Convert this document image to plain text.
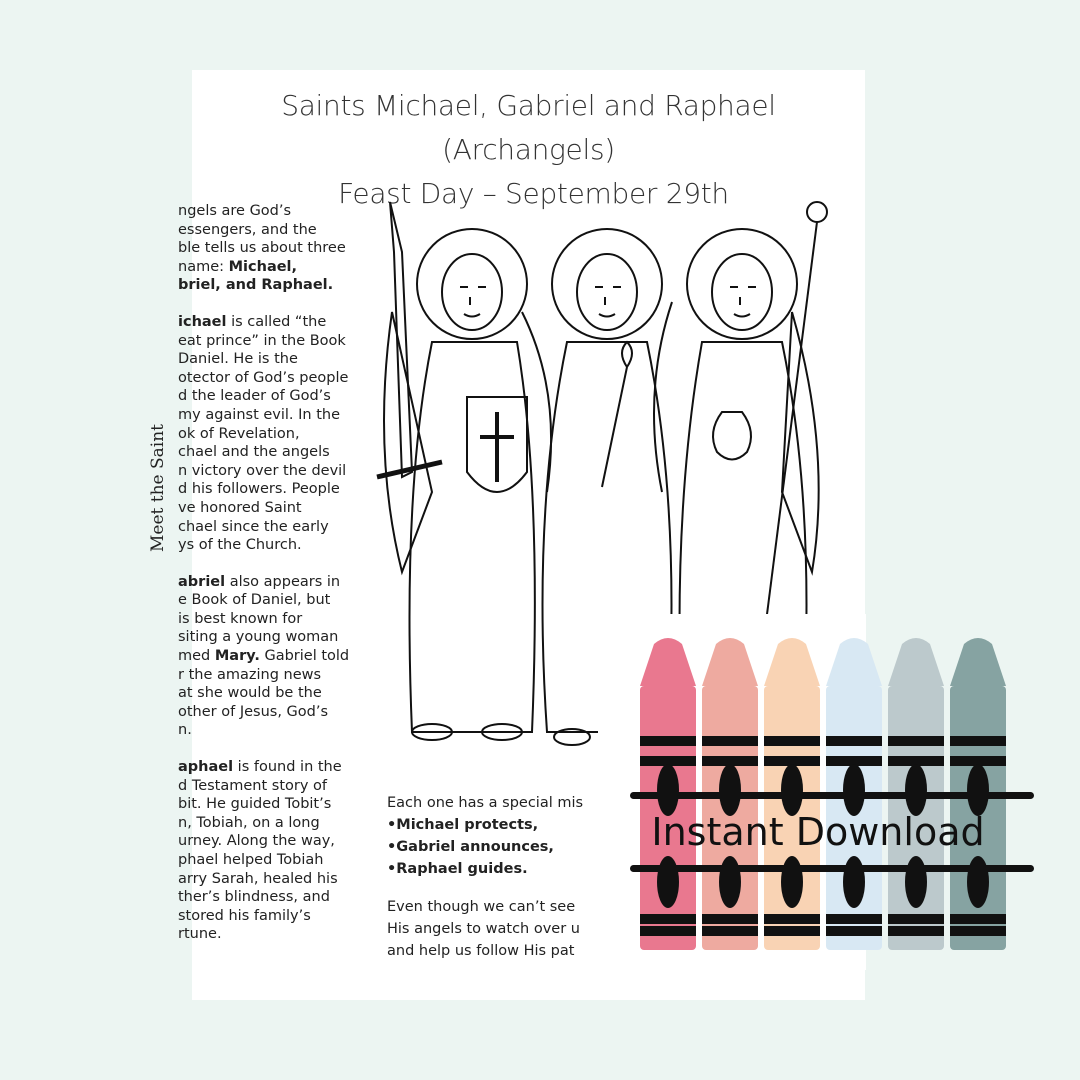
Meet the Saint
Saints Michael, Gabriel and Raphael (Archangels)
Feast Day – September 29th

ngels are God’s
essengers, and the
ble tells us about three
name: Michael,
briel, and Raphael.

ichael is called “the
eat prince” in the Book
Daniel. He is the
otector of God’s people
d the leader of God’s
my against evil. In the
ok of Revelation,
chael and the angels
n victory over the devil
d his followers. People
ve honored Saint
chael since the early
ys of the Church.

abriel also appears in
e Book of Daniel, but
is best known for
siting a young woman
med Mary. Gabriel told
r the amazing news
at she would be the
other of Jesus, God’s
n.

aphael is found in the
d Testament story of
bit. He guided Tobit’s
n, Tobiah, on a long
urney. Along the way,
phael helped Tobiah
arry Sarah, healed his
ther’s blindness, and
stored his family’s
rtune.

Each one has a special mis
•Michael protects,
•Gabriel announces,
•Raphael guides.
Even though we can’t see
His angels to watch over u
and help us follow His pat
Instant Download
